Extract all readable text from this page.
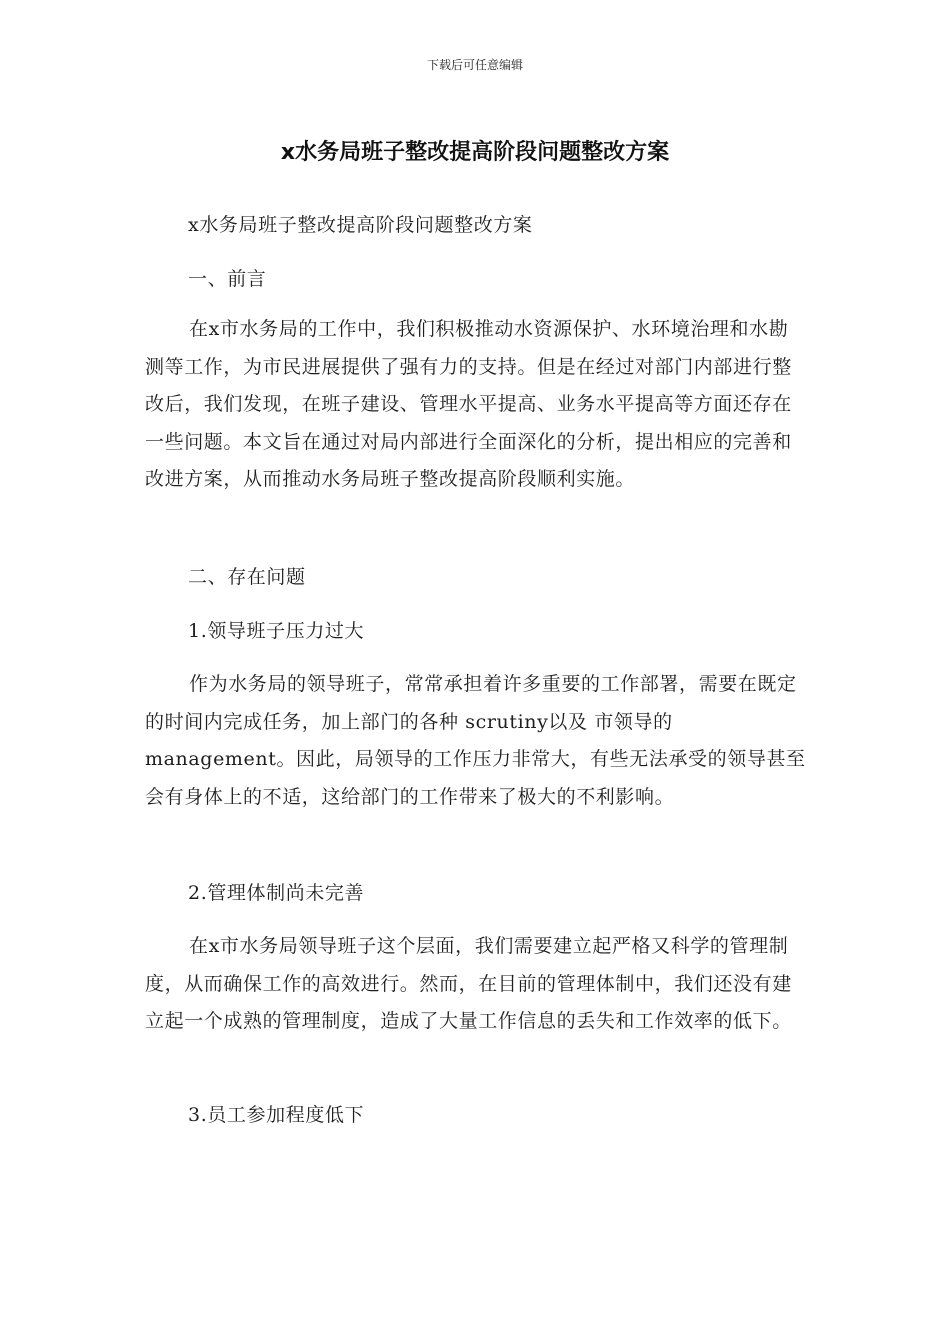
下载后可任意编辑
x水务局班子整改提高阶段问题整改方案
x水务局班子整改提高阶段问题整改方案
一、前言

在x市水务局的工作中，我们积极推动水资源保护、水环境治理和水勘测等工作，为市民进展提供了强有力的支持。但是在经过对部门内部进行整改后，我们发现，在班子建设、管理水平提高、业务水平提高等方面还存在一些问题。本文旨在通过对局内部进行全面深化的分析，提出相应的完善和改进方案，从而推动水务局班子整改提高阶段顺利实施。

二、存在问题
1.领导班子压力过大

作为水务局的领导班子，常常承担着许多重要的工作部署，需要在既定的时间内完成任务，加上部门的各种 scrutiny以及 市领导的 management。因此，局领导的工作压力非常大，有些无法承受的领导甚至会有身体上的不适，这给部门的工作带来了极大的不利影响。

2.管理体制尚未完善

在x市水务局领导班子这个层面，我们需要建立起严格又科学的管理制度，从而确保工作的高效进行。然而，在目前的管理体制中，我们还没有建立起一个成熟的管理制度，造成了大量工作信息的丢失和工作效率的低下。

3.员工参加程度低下
